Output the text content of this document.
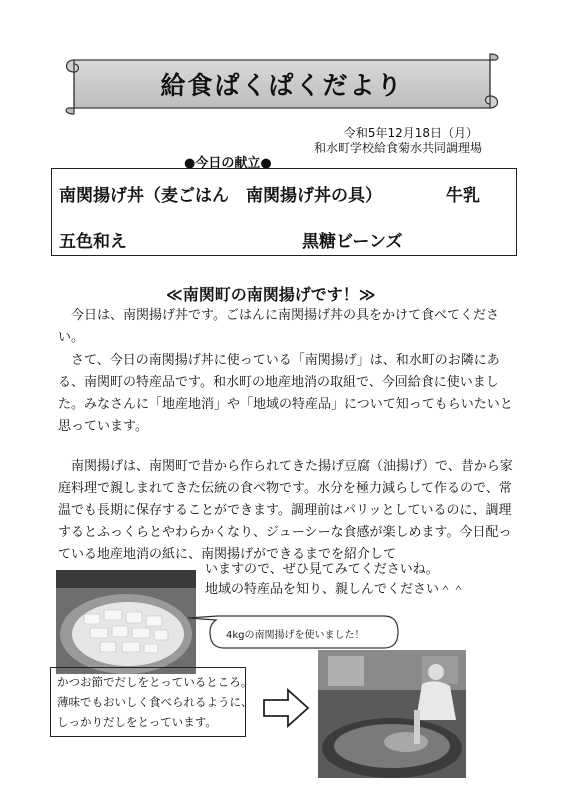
給食ぱくぱくだより
令和5年12月18日（月）
和水町学校給食菊水共同調理場
●今日の献立●
南関揚げ丼（麦ごはん　南関揚げ丼の具）	牛乳
五色和え	黒糖ビーンズ
≪南関町の南関揚げです！≫

　今日は、南関揚げ丼です。ごはんに南関揚げ丼の具をかけて食べてください。

　さて、今日の南関揚げ丼に使っている「南関揚げ」は、和水町のお隣にある、南関町の特産品です。和水町の地産地消の取組で、今回給食に使いました。みなさんに「地産地消」や「地域の特産品」について知ってもらいたいと思っています。

　南関揚げは、南関町で昔から作られてきた揚げ豆腐（油揚げ）で、昔から家庭料理で親しまれてきた伝統の食べ物です。水分を極力減らして作るので、常温でも長期に保存することができます。調理前はパリッとしているのに、調理するとふっくらとやわらかくなり、ジューシーな食感が楽しめます。今日配っている地産地消の紙に、南関揚げができるまでを紹介して

いますので、ぜひ見てみてくださいね。

地域の特産品を知り、親しんでください＾＾

4kgの南関揚げを使いました！
かつお節でだしをとっているところ。
薄味でもおいしく食べられるように、
しっかりだしをとっています。
